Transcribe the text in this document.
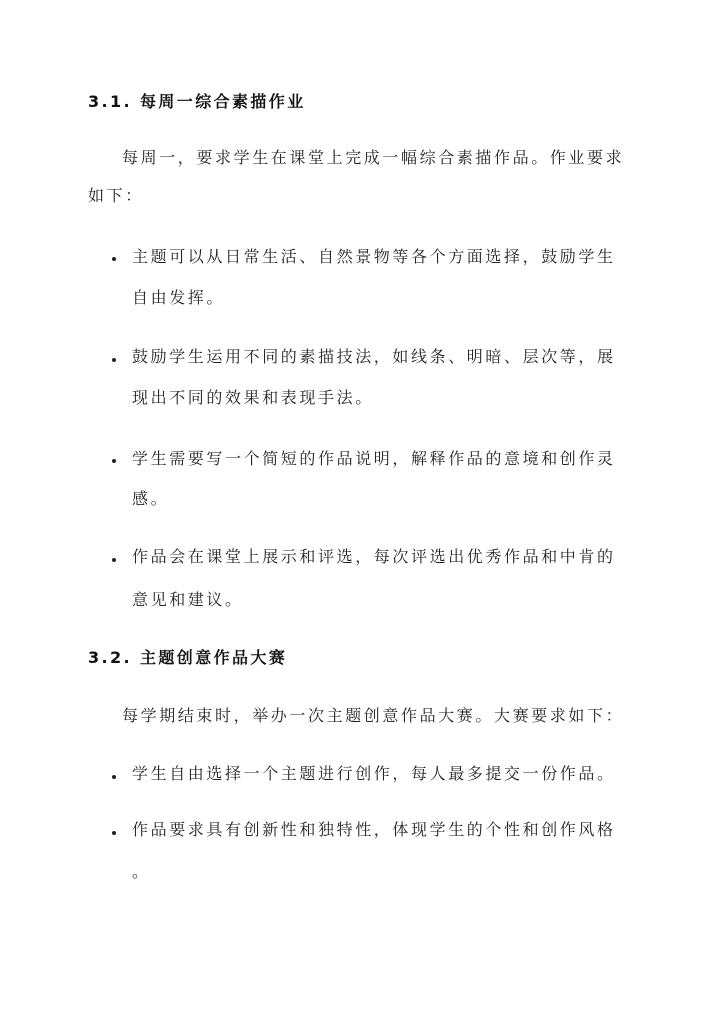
3.1. 每周一综合素描作业
每周一，要求学生在课堂上完成一幅综合素描作品。作业要求
如下：
主题可以从日常生活、自然景物等各个方面选择，鼓励学生
自由发挥。
鼓励学生运用不同的素描技法，如线条、明暗、层次等，展
现出不同的效果和表现手法。
学生需要写一个简短的作品说明，解释作品的意境和创作灵
感。
作品会在课堂上展示和评选，每次评选出优秀作品和中肯的
意见和建议。
3.2. 主题创意作品大赛
每学期结束时，举办一次主题创意作品大赛。大赛要求如下：
学生自由选择一个主题进行创作，每人最多提交一份作品。
作品要求具有创新性和独特性，体现学生的个性和创作风格
。
